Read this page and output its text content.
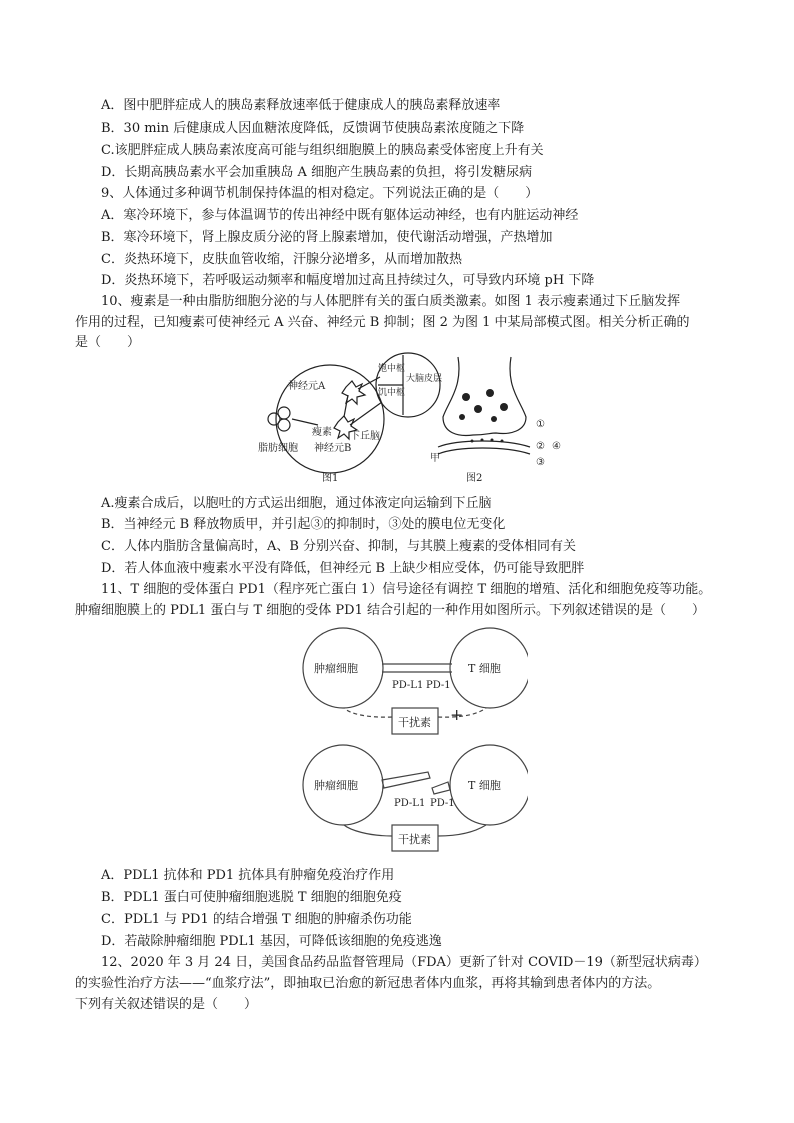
A．图中肥胖症成人的胰岛素释放速率低于健康成人的胰岛素释放速率
B．30 min 后健康成人因血糖浓度降低，反馈调节使胰岛素浓度随之下降
C.该肥胖症成人胰岛素浓度高可能与组织细胞膜上的胰岛素受体密度上升有关
D．长期高胰岛素水平会加重胰岛 A 细胞产生胰岛素的负担，将引发糖尿病
9、人体通过多种调节机制保持体温的相对稳定。下列说法正确的是（　　）
A．寒冷环境下，参与体温调节的传出神经中既有躯体运动神经，也有内脏运动神经
B．寒冷环境下，肾上腺皮质分泌的肾上腺素增加，使代谢活动增强，产热增加
C．炎热环境下，皮肤血管收缩，汗腺分泌增多，从而增加散热
D．炎热环境下，若呼吸运动频率和幅度增加过高且持续过久，可导致内环境 pH 下降
10、瘦素是一种由脂肪细胞分泌的与人体肥胖有关的蛋白质类激素。如图 1 表示瘦素通过下丘脑发挥
作用的过程，已知瘦素可使神经元 A 兴奋、神经元 B 抑制；图 2 为图 1 中某局部模式图。相关分析正确的
是（　　）
脂肪细胞
瘦素
神经元A
神经元B
下丘脑
饱中枢
饥中枢
大脑皮层
图1	图2
甲
①
②
③
④
A.瘦素合成后，以胞吐的方式运出细胞，通过体液定向运输到下丘脑
B．当神经元 B 释放物质甲，并引起③的抑制时，③处的膜电位无变化
C．人体内脂肪含量偏高时，A、B 分别兴奋、抑制，与其膜上瘦素的受体相同有关
D．若人体血液中瘦素水平没有降低，但神经元 B 上缺少相应受体，仍可能导致肥胖
11、T 细胞的受体蛋白 PD1（程序死亡蛋白 1）信号途径有调控 T 细胞的增殖、活化和细胞免疫等功能。
肿瘤细胞膜上的 PDL1 蛋白与 T 细胞的受体 PD1 结合引起的一种作用如图所示。下列叙述错误的是（　　）
肿瘤细胞	T 细胞
PD-L1 PD-1
干扰素 +
肿瘤细胞	T 细胞
PD-L1 PD-1
干扰素
A．PDL1 抗体和 PD1 抗体具有肿瘤免疫治疗作用
B．PDL1 蛋白可使肿瘤细胞逃脱 T 细胞的细胞免疫
C．PDL1 与 PD1 的结合增强 T 细胞的肿瘤杀伤功能
D．若敲除肿瘤细胞 PDL1 基因，可降低该细胞的免疫逃逸
12、2020 年 3 月 24 日，美国食品药品监督管理局（FDA）更新了针对 COVID－19（新型冠状病毒）
的实验性治疗方法——“血浆疗法”，即抽取已治愈的新冠患者体内血浆，再将其输到患者体内的方法。
下列有关叙述错误的是（　　）
